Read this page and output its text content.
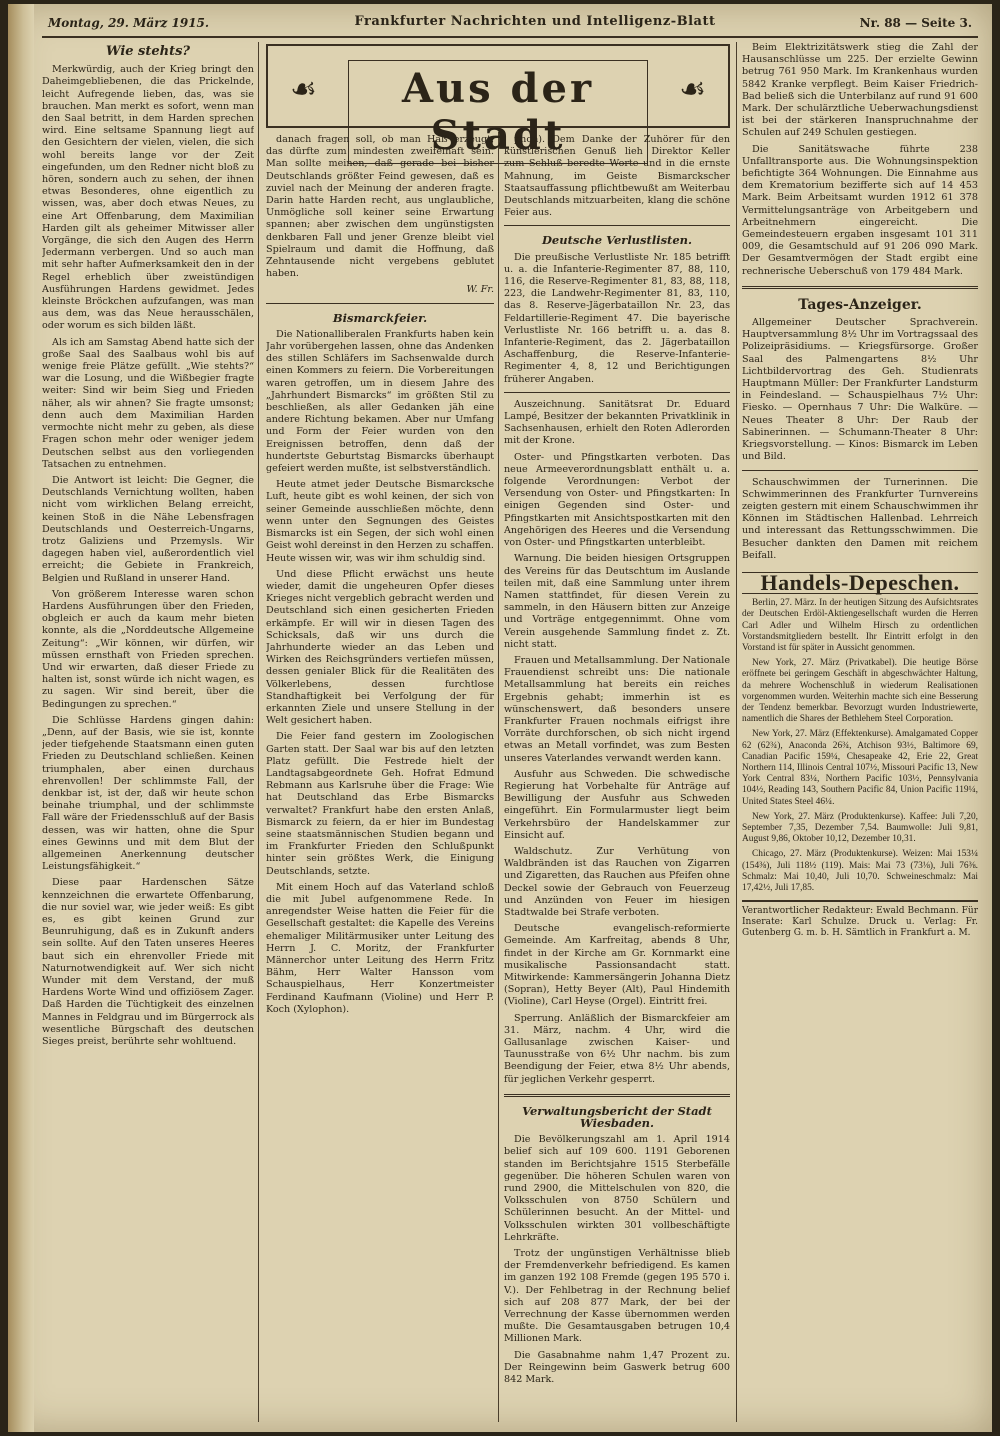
Montag, 29. März 1915.	Frankfurter Nachrichten und Intelligenz-Blatt	Nr. 88 — Seite 3.
☙	Aus der Stadt
☙
Wie stehts?

Merkwürdig, auch der Krieg bringt den Daheimgebliebenen, die das Prickelnde, leicht Aufregende lieben, das, was sie brauchen. Man merkt es sofort, wenn man den Saal betritt, in dem Harden sprechen wird. Eine seltsame Spannung liegt auf den Gesichtern der vielen, vielen, die sich wohl bereits lange vor der Zeit eingefunden, um den Redner nicht bloß zu hören, sondern auch zu sehen, der ihnen etwas Besonderes, ohne eigentlich zu wissen, was, aber doch etwas Neues, zu eine Art Offenbarung, dem Maximilian Harden gilt als geheimer Mitwisser aller Vorgänge, die sich den Augen des Herrn Jedermann verbergen. Und so auch man mit sehr hafter Aufmerksamkeit den in der Regel erheblich über zweistündigen Ausführungen Hardens gewidmet. Jedes kleinste Bröckchen aufzufangen, was man aus dem, was das Neue herausschälen, oder worum es sich bilden läßt.

Als ich am Samstag Abend hatte sich der große Saal des Saalbaus wohl bis auf wenige freie Plätze gefüllt. „Wie stehts?“ war die Losung, und die Wißbegier fragte weiter: Sind wir beim Sieg und Frieden näher, als wir ahnen? Sie fragte umsonst; denn auch dem Maximilian Harden vermochte nicht mehr zu geben, als diese Fragen schon mehr oder weniger jedem Deutschen selbst aus den vorliegenden Tatsachen zu entnehmen.

Die Antwort ist leicht: Die Gegner, die Deutschlands Vernichtung wollten, haben nicht vom wirklichen Belang erreicht, keinen Stoß in die Nähe Lebensfragen Deutschlands und Oesterreich-Ungarns, trotz Galiziens und Przemysls. Wir dagegen haben viel, außerordentlich viel erreicht; die Gebiete in Frankreich, Belgien und Rußland in unserer Hand.

Von größerem Interesse waren schon Hardens Ausführungen über den Frieden, obgleich er auch da kaum mehr bieten konnte, als die „Norddeutsche Allgemeine Zeitung“: „Wir können, wir dürfen, wir müssen ernsthaft von Frieden sprechen. Und wir erwarten, daß dieser Friede zu halten ist, sonst würde ich nicht wagen, es zu sagen. Wir sind bereit, über die Bedingungen zu sprechen.“

Die Schlüsse Hardens gingen dahin: „Denn, auf der Basis, wie sie ist, konnte jeder tiefgehende Staatsmann einen guten Frieden zu Deutschland schließen. Keinen triumphalen, aber einen durchaus ehrenvollen! Der schlimmste Fall, der denkbar ist, ist der, daß wir heute schon beinahe triumphal, und der schlimmste Fall wäre der Friedensschluß auf der Basis dessen, was wir hatten, ohne die Spur eines Gewinns und mit dem Blut der allgemeinen Anerkennung deutscher Leistungsfähigkeit.“

Diese paar Hardenschen Sätze kennzeichnen die erwartete Offenbarung, die nur soviel war, wie jeder weiß: Es gibt es, es gibt keinen Grund zur Beunruhigung, daß es in Zukunft anders sein sollte. Auf den Taten unseres Heeres baut sich ein ehrenvoller Friede mit Naturnotwendigkeit auf. Wer sich nicht Wunder mit dem Verstand, der muß Hardens Worte Wind und offiziösem Zager. Daß Harden die Tüchtigkeit des einzelnen Mannes in Feldgrau und im Bürgerrock als wesentliche Bürgschaft des deutschen Sieges preist, berührte sehr wohltuend.

danach fragen soll, ob man Haß erzeugt, das dürfte zum mindesten zweifelhaft sein. Man sollte meinen, daß gerade bei bisher Deutschlands größter Feind gewesen, daß es zuviel nach der Meinung der anderen fragte. Darin hatte Harden recht, aus unglaubliche, Unmögliche soll keiner seine Erwartung spannen; aber zwischen dem ungünstigsten denkbaren Fall und jener Grenze bleibt viel Spielraum und damit die Hoffnung, daß Zehntausende nicht vergebens geblutet haben.

W. Fr.
Bismarckfeier.

Die Nationalliberalen Frankfurts haben kein Jahr vorübergehen lassen, ohne das Andenken des stillen Schläfers im Sachsenwalde durch einen Kommers zu feiern. Die Vorbereitungen waren getroffen, um in diesem Jahre des „Jahrhundert Bismarcks“ im größten Stil zu beschließen, als aller Gedanken jäh eine andere Richtung bekamen. Aber nur Umfang und Form der Feier wurden von den Ereignissen betroffen, denn daß der hundertste Geburtstag Bismarcks überhaupt gefeiert werden mußte, ist selbstverständlich.

Heute atmet jeder Deutsche Bismarcksche Luft, heute gibt es wohl keinen, der sich von seiner Gemeinde ausschließen möchte, denn wenn unter den Segnungen des Geistes Bismarcks ist ein Segen, der sich wohl einen Geist wohl dereinst in den Herzen zu schaffen. Heute wissen wir, was wir ihm schuldig sind.

Und diese Pflicht erwächst uns heute wieder, damit die ungeheuren Opfer dieses Krieges nicht vergeblich gebracht werden und Deutschland sich einen gesicherten Frieden erkämpfe. Er will wir in diesen Tagen des Schicksals, daß wir uns durch die Jahrhunderte wieder an das Leben und Wirken des Reichsgründers vertiefen müssen, dessen genialer Blick für die Realitäten des Völkerlebens, dessen furchtlose Standhaftigkeit bei Verfolgung der für erkannten Ziele und unsere Stellung in der Welt gesichert haben.

Die Feier fand gestern im Zoologischen Garten statt. Der Saal war bis auf den letzten Platz gefüllt. Die Festrede hielt der Landtagsabgeordnete Geh. Hofrat Edmund Rebmann aus Karlsruhe über die Frage: Wie hat Deutschland das Erbe Bismarcks verwaltet? Frankfurt habe den ersten Anlaß, Bismarck zu feiern, da er hier im Bundestag seine staatsmännischen Studien begann und im Frankfurter Frieden den Schlußpunkt hinter sein größtes Werk, die Einigung Deutschlands, setzte.

Mit einem Hoch auf das Vaterland schloß die mit Jubel aufgenommene Rede. In anregendster Weise hatten die Feier für die Gesellschaft gestaltet: die Kapelle des Vereins ehemaliger Militärmusiker unter Leitung des Herrn J. C. Moritz, der Frankfurter Männerchor unter Leitung des Herrn Fritz Bähm, Herr Walter Hansson vom Schauspielhaus, Herr Konzertmeister Ferdinand Kaufmann (Violine) und Herr P. Koch (Xylophon).

phon). Dem Danke der Zuhörer für den künstlerischen Genuß lieh Direktor Keller zum Schluß beredte Worte und in die ernste Mahnung, im Geiste Bismarckscher Staatsauffassung pflichtbewußt am Weiterbau Deutschlands mitzuarbeiten, klang die schöne Feier aus.

Deutsche Verlustlisten.

Die preußische Verlustliste Nr. 185 betrifft u. a. die Infanterie-Regimenter 87, 88, 110, 116, die Reserve-Regimenter 81, 83, 88, 118, 223, die Landwehr-Regimenter 81, 83, 110, das 8. Reserve-Jägerbataillon Nr. 23, das Feldartillerie-Regiment 47. Die bayerische Verlustliste Nr. 166 betrifft u. a. das 8. Infanterie-Regiment, das 2. Jägerbataillon Aschaffenburg, die Reserve-Infanterie-Regimenter 4, 8, 12 und Berichtigungen früherer Angaben.

Auszeichnung. Sanitätsrat Dr. Eduard Lampé, Besitzer der bekannten Privatklinik in Sachsenhausen, erhielt den Roten Adlerorden mit der Krone.

Oster- und Pfingstkarten verboten. Das neue Armeeverordnungsblatt enthält u. a. folgende Verordnungen: Verbot der Versendung von Oster- und Pfingstkarten: In einigen Gegenden sind Oster- und Pfingstkarten mit Ansichtspostkarten mit den Angehörigen des Heeres und die Versendung von Oster- und Pfingstkarten unterbleibt.

Warnung. Die beiden hiesigen Ortsgruppen des Vereins für das Deutschtum im Auslande teilen mit, daß eine Sammlung unter ihrem Namen stattfindet, für diesen Verein zu sammeln, in den Häusern bitten zur Anzeige und Vorträge entgegennimmt. Ohne vom Verein ausgehende Sammlung findet z. Zt. nicht statt.

Frauen und Metallsammlung. Der Nationale Frauendienst schreibt uns: Die nationale Metallsammlung hat bereits ein reiches Ergebnis gehabt; immerhin ist es wünschenswert, daß besonders unsere Frankfurter Frauen nochmals eifrigst ihre Vorräte durchforschen, ob sich nicht irgend etwas an Metall vorfindet, was zum Besten unseres Vaterlandes verwandt werden kann.

Ausfuhr aus Schweden. Die schwedische Regierung hat Vorbehalte für Anträge auf Bewilligung der Ausfuhr aus Schweden eingeführt. Ein Formularmuster liegt beim Verkehrsbüro der Handelskammer zur Einsicht auf.

Waldschutz. Zur Verhütung von Waldbränden ist das Rauchen von Zigarren und Zigaretten, das Rauchen aus Pfeifen ohne Deckel sowie der Gebrauch von Feuerzeug und Anzünden von Feuer im hiesigen Stadtwalde bei Strafe verboten.

Deutsche evangelisch-reformierte Gemeinde. Am Karfreitag, abends 8 Uhr, findet in der Kirche am Gr. Kornmarkt eine musikalische Passionsandacht statt. Mitwirkende: Kammersängerin Johanna Dietz (Sopran), Hetty Beyer (Alt), Paul Hindemith (Violine), Carl Heyse (Orgel). Eintritt frei.

Sperrung. Anläßlich der Bismarckfeier am 31. März, nachm. 4 Uhr, wird die Gallusanlage zwischen Kaiser- und Taunusstraße von 6½ Uhr nachm. bis zum Beendigung der Feier, etwa 8½ Uhr abends, für jeglichen Verkehr gesperrt.

Verwaltungsbericht der Stadt Wiesbaden.

Die Bevölkerungszahl am 1. April 1914 belief sich auf 109 600. 1191 Geborenen standen im Berichtsjahre 1515 Sterbefälle gegenüber. Die höheren Schulen waren von rund 2900, die Mittelschulen von 820, die Volksschulen von 8750 Schülern und Schülerinnen besucht. An der Mittel- und Volksschulen wirkten 301 vollbeschäftigte Lehrkräfte.

Trotz der ungünstigen Verhältnisse blieb der Fremdenverkehr befriedigend. Es kamen im ganzen 192 108 Fremde (gegen 195 570 i. V.). Der Fehlbetrag in der Rechnung belief sich auf 208 877 Mark, der bei der Verrechnung der Kasse übernommen werden mußte. Die Gesamtausgaben betrugen 10,4 Millionen Mark.

Die Gasabnahme nahm 1,47 Prozent zu. Der Reingewinn beim Gaswerk betrug 600 842 Mark.

Beim Elektrizitätswerk stieg die Zahl der Hausanschlüsse um 225. Der erzielte Gewinn betrug 761 950 Mark. Im Krankenhaus wurden 5842 Kranke verpflegt. Beim Kaiser Friedrich-Bad beließ sich die Unterbilanz auf rund 91 600 Mark. Der schulärztliche Ueberwachungsdienst ist bei der stärkeren Inanspruchnahme der Schulen auf 249 Schulen gestiegen.

Die Sanitätswache führte 238 Unfalltransporte aus. Die Wohnungsinspektion befichtigte 364 Wohnungen. Die Einnahme aus dem Krematorium bezifferte sich auf 14 453 Mark. Beim Arbeitsamt wurden 1912 61 378 Vermittelungsanträge von Arbeitgebern und Arbeitnehmern eingereicht. Die Gemeindesteuern ergaben insgesamt 101 311 009, die Gesamtschuld auf 91 206 090 Mark. Der Gesamtvermögen der Stadt ergibt eine rechnerische Ueberschuß von 179 484 Mark.

Tages-Anzeiger.

Allgemeiner Deutscher Sprachverein. Hauptversammlung 8½ Uhr im Vortragssaal des Polizeipräsidiums. — Kriegsfürsorge. Großer Saal des Palmengartens 8½ Uhr Lichtbildervortrag des Geh. Studienrats Hauptmann Müller: Der Frankfurter Landsturm in Feindesland. — Schauspielhaus 7½ Uhr: Fiesko. — Opernhaus 7 Uhr: Die Walküre. — Neues Theater 8 Uhr: Der Raub der Sabinerinnen. — Schumann-Theater 8 Uhr: Kriegsvorstellung. — Kinos: Bismarck im Leben und Bild.

Schauschwimmen der Turnerinnen. Die Schwimmerinnen des Frankfurter Turnvereins zeigten gestern mit einem Schauschwimmen ihr Können im Städtischen Hallenbad. Lehrreich und interessant das Rettungsschwimmen. Die Besucher dankten den Damen mit reichem Beifall.

Handels-Depeschen.

Berlin, 27. März. In der heutigen Sitzung des Aufsichtsrates der Deutschen Erdöl-Aktiengesellschaft wurden die Herren Carl Adler und Wilhelm Hirsch zu ordentlichen Vorstandsmitgliedern bestellt. Ihr Eintritt erfolgt in den Vorstand ist für später in Aussicht genommen.

New York, 27. März (Privatkabel). Die heutige Börse eröffnete bei geringem Geschäft in abgeschwächter Haltung, da mehrere Wochenschluß in wiederum Realisationen vorgenommen wurden. Weiterhin machte sich eine Besserung der Tendenz bemerkbar. Bevorzugt wurden Industriewerte, namentlich die Shares der Bethlehem Steel Corporation.

New York, 27. März (Effektenkurse). Amalgamated Copper 62 (62¾), Anaconda 26¾, Atchison 93½, Baltimore 69, Canadian Pacific 159¼, Chesapeake 42, Erie 22, Great Northern 114, Illinois Central 107½, Missouri Pacific 13, New York Central 83¼, Northern Pacific 103½, Pennsylvania 104½, Reading 143, Southern Pacific 84, Union Pacific 119¼, United States Steel 46¼.

New York, 27. März (Produktenkurse). Kaffee: Juli 7,20, September 7,35, Dezember 7,54. Baumwolle: Juli 9,81, August 9,86, Oktober 10,12, Dezember 10,31.

Chicago, 27. März (Produktenkurse). Weizen: Mai 153¼ (154⅜), Juli 118½ (119). Mais: Mai 73 (73⅛), Juli 76⅜. Schmalz: Mai 10,40, Juli 10,70. Schweineschmalz: Mai 17,42½, Juli 17,85.

Verantwortlicher Redakteur: Ewald Bechmann. Für Inserate: Karl Schulze. Druck u. Verlag: Fr. Gutenberg G. m. b. H. Sämtlich in Frankfurt a. M.
